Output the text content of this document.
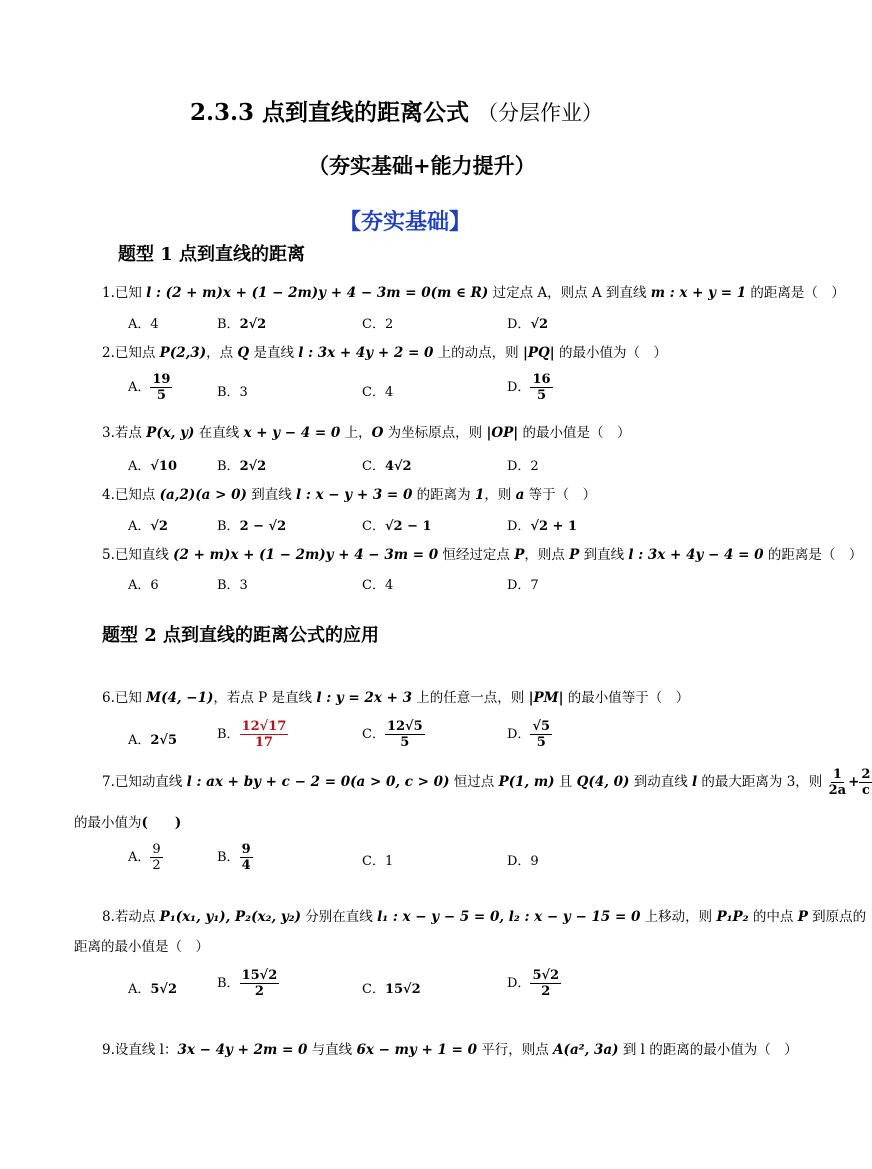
2.3.3 点到直线的距离公式 （分层作业）
（夯实基础+能力提升）
【夯实基础】
题型 1 点到直线的距离
1.已知 l : (2 + m)x + (1 − 2m)y + 4 − 3m = 0(m ∈ R) 过定点 A，则点 A 到直线 m : x + y = 1 的距离是（　）
A．4	B．2√2	C．2	D．√2
2.已知点 P(2,3)，点 Q 是直线 l : 3x + 4y + 2 = 0 上的动点，则 |PQ| 的最小值为（　）
A． $\frac{19}{5}$	B．3	C．4	D． $\frac{16}{5}$
3.若点 P(x, y) 在直线 x + y − 4 = 0 上，O 为坐标原点，则 |OP| 的最小值是（　）
A．√10	B．2√2	C．4√2	D．2
4.已知点 (a,2)(a > 0) 到直线 l : x − y + 3 = 0 的距离为 1，则 a 等于（　）
A．√2	B．2 − √2	C．√2 − 1	D．√2 + 1
5.已知直线 (2 + m)x + (1 − 2m)y + 4 − 3m = 0 恒经过定点 P，则点 P 到直线 l : 3x + 4y − 4 = 0 的距离是（　）
A．6	B．3	C．4	D．7
题型 2 点到直线的距离公式的应用
6.已知 M(4, −1)，若点 P 是直线 l : y = 2x + 3 上的任意一点，则 |PM| 的最小值等于（　）
A．2√5	B． $\frac{12√17}{17}$	C． $\frac{12√5}{5}$	D． $\frac{√5}{5}$
7.已知动直线 l : ax + by + c − 2 = 0(a > 0, c > 0) 恒过点 P(1, m) 且 Q(4, 0) 到动直线 l 的最大距离为 3，则 $\frac{1}{2a} + \frac{2}{c}$
的最小值为(　　)
A． $\frac{9}{2}$	B． $\frac{9}{4}$	C．1	D．9
8.若动点 P₁(x₁, y₁), P₂(x₂, y₂) 分别在直线 l₁ : x − y − 5 = 0, l₂ : x − y − 15 = 0 上移动，则 P₁P₂ 的中点 P 到原点的
距离的最小值是（　）
A．5√2	B． $\frac{15√2}{2}$	C．15√2	D． $\frac{5√2}{2}$
9.设直线 l：3x − 4y + 2m = 0 与直线 6x − my + 1 = 0 平行，则点 A(a², 3a) 到 l 的距离的最小值为（　）
